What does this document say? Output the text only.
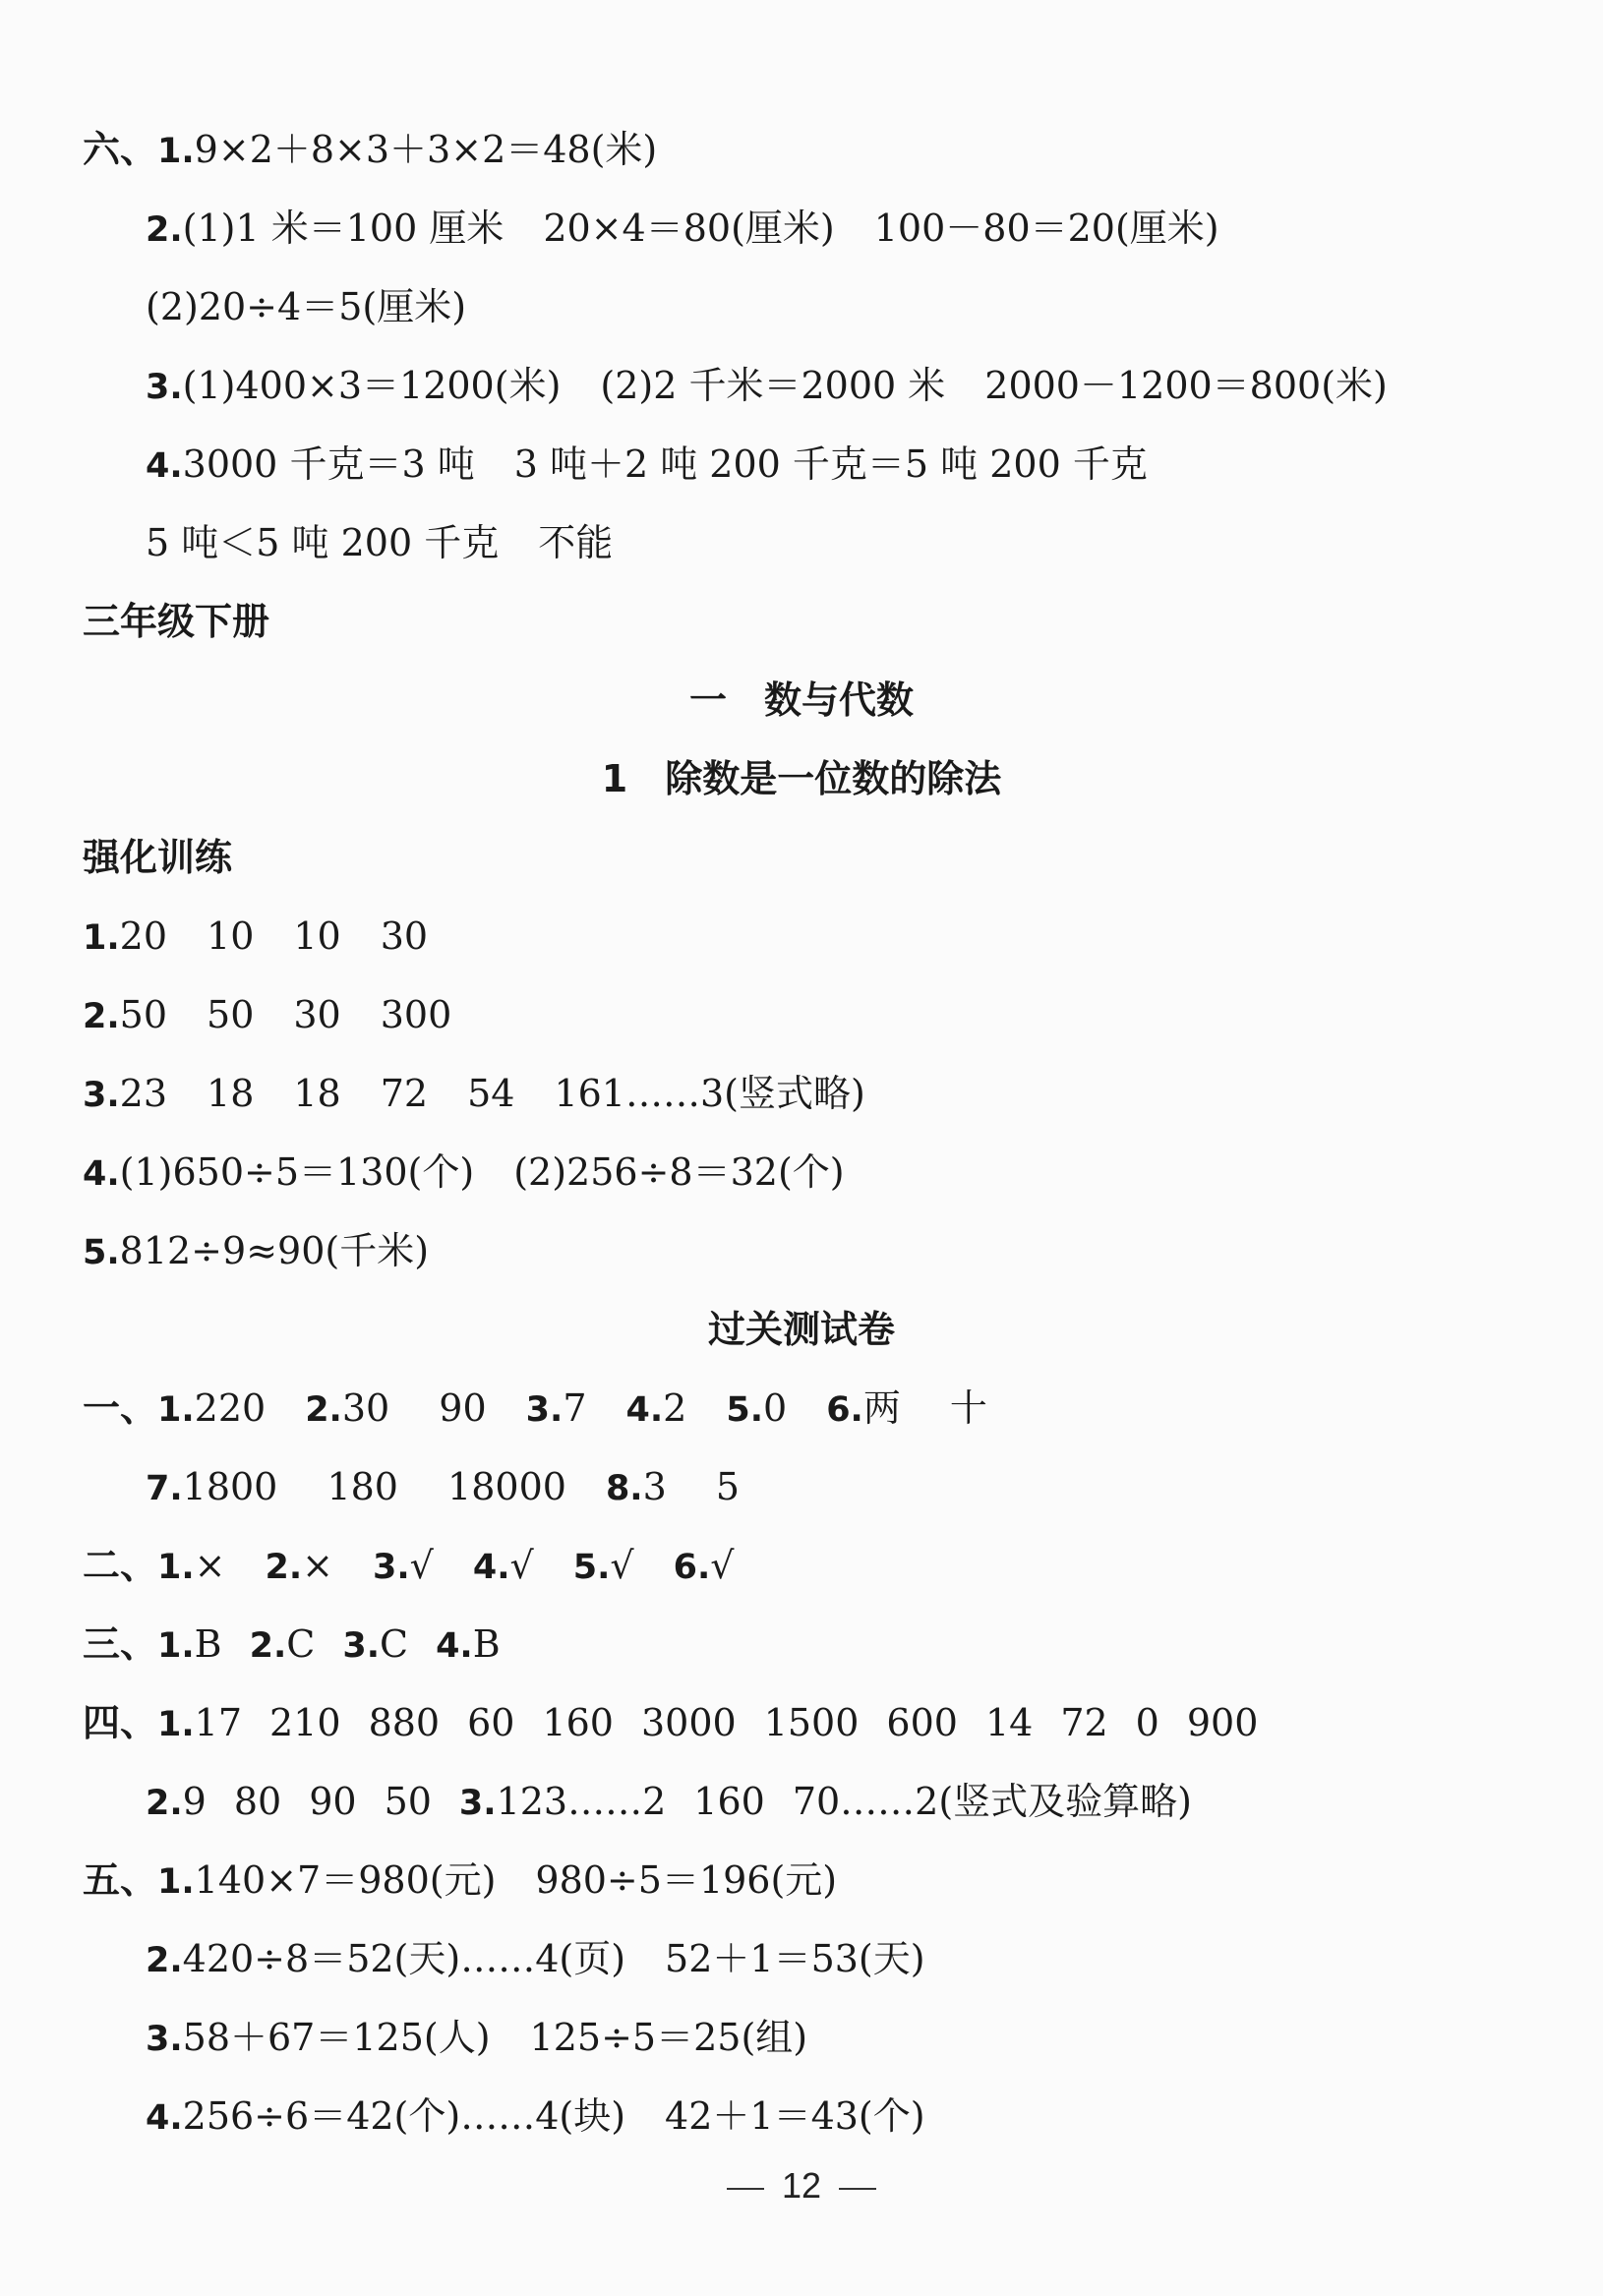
六、1.9×2＋8×3＋3×2＝48(米)
2.(1)1 米＝100 厘米 20×4＝80(厘米) 100－80＝20(厘米)
(2)20÷4＝5(厘米)
3.(1)400×3＝1200(米) (2)2 千米＝2000 米 2000－1200＝800(米)
4.3000 千克＝3 吨 3 吨＋2 吨 200 千克＝5 吨 200 千克
5 吨＜5 吨 200 千克 不能
三年级下册
一　数与代数
1　除数是一位数的除法
强化训练
1.20 10 10 30
2.50 50 30 300
3.23 18 18 72 54 161……3(竖式略)
4.(1)650÷5＝130(个) (2)256÷8＝32(个)
5.812÷9≈90(千米)
过关测试卷
一、1.220 2.30　 90 3.7 4.2 5.0 6.两　 十
7.1800　 180　 18000 8.3　 5
二、1.× 2.× 3.√ 4.√ 5.√ 6.√
三、1.B 2.C 3.C 4.B
四、1.17 210 880 60 160 3000 1500 600 14 72 0 900
2.9 80 90 50 3.123……2 160 70……2(竖式及验算略)
五、1.140×7＝980(元) 980÷5＝196(元)
2.420÷8＝52(天)……4(页) 52＋1＝53(天)
3.58＋67＝125(人) 125÷5＝25(组)
4.256÷6＝42(个)……4(块) 42＋1＝43(个)
12
